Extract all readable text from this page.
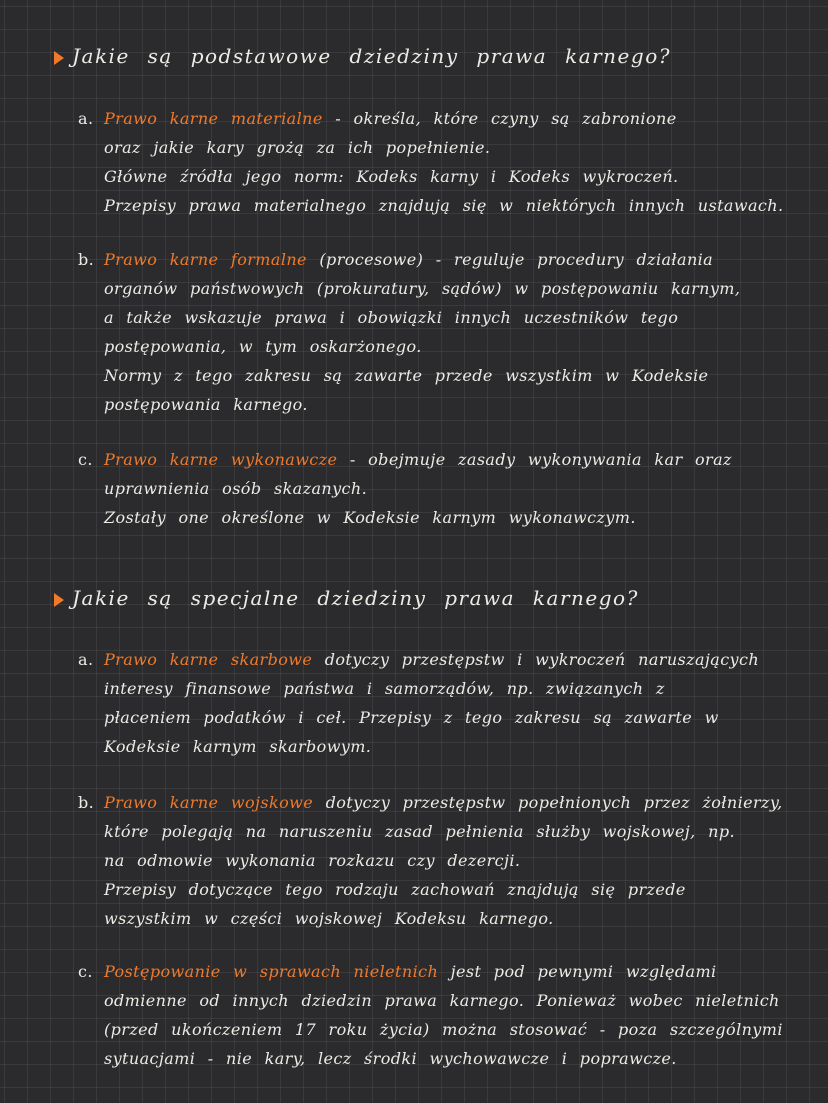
Jakie są podstawowe dziedziny prawa karnego?
a. Prawo karne materialne - określa, które czyny są zabronione
oraz jakie kary grożą za ich popełnienie.
Główne źródła jego norm: Kodeks karny i Kodeks wykroczeń.
Przepisy prawa materialnego znajdują się w niektórych innych ustawach.
b. Prawo karne formalne (procesowe) - reguluje procedury działania
organów państwowych (prokuratury, sądów) w postępowaniu karnym,
a także wskazuje prawa i obowiązki innych uczestników tego
postępowania, w tym oskarżonego.
Normy z tego zakresu są zawarte przede wszystkim w Kodeksie
postępowania karnego.
c. Prawo karne wykonawcze - obejmuje zasady wykonywania kar oraz
uprawnienia osób skazanych.
Zostały one określone w Kodeksie karnym wykonawczym.
Jakie są specjalne dziedziny prawa karnego?
a. Prawo karne skarbowe dotyczy przestępstw i wykroczeń naruszających
interesy finansowe państwa i samorządów, np. związanych z
płaceniem podatków i ceł. Przepisy z tego zakresu są zawarte w
Kodeksie karnym skarbowym.
b. Prawo karne wojskowe dotyczy przestępstw popełnionych przez żołnierzy,
które polegają na naruszeniu zasad pełnienia służby wojskowej, np.
na odmowie wykonania rozkazu czy dezercji.
Przepisy dotyczące tego rodzaju zachowań znajdują się przede
wszystkim w części wojskowej Kodeksu karnego.
c. Postępowanie w sprawach nieletnich jest pod pewnymi względami
odmienne od innych dziedzin prawa karnego. Ponieważ wobec nieletnich
(przed ukończeniem 17 roku życia) można stosować - poza szczególnymi
sytuacjami - nie kary, lecz środki wychowawcze i poprawcze.
